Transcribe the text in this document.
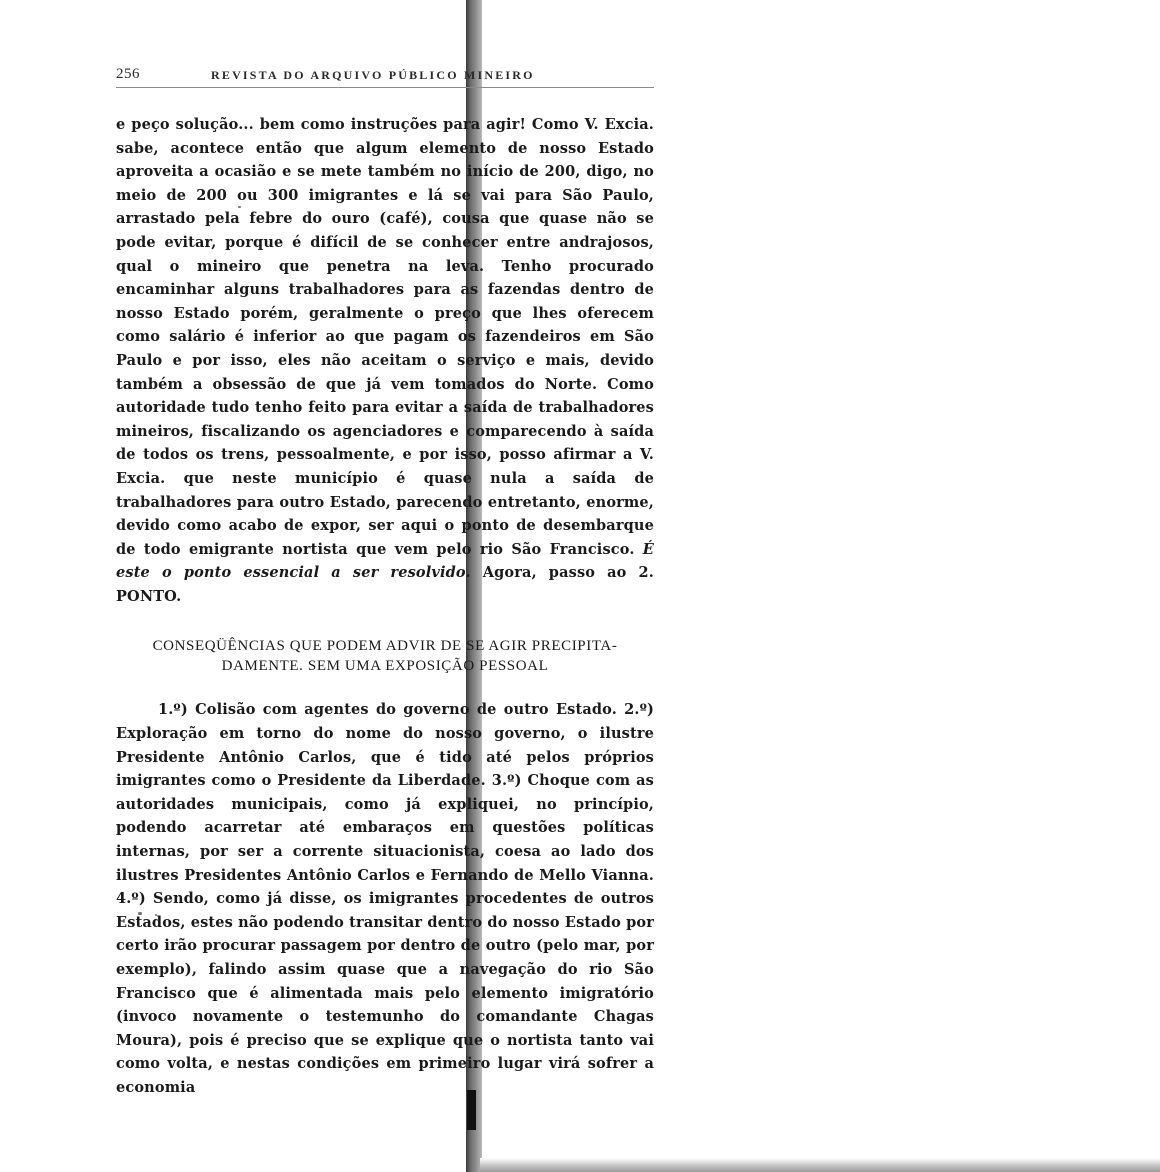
256	REVISTA DO ARQUIVO PÚBLICO MINEIRO

e peço solução... bem como instruções para agir! Como V. Excia. sabe, acontece então que algum elemento de nosso Estado aproveita a ocasião e se mete também no início de 200, digo, no meio de 200 ou 300 imigrantes e lá se vai para São Paulo, arrastado pela febre do ouro (café), cousa que quase não se pode evitar, porque é difícil de se conhecer entre andrajosos, qual o mineiro que penetra na leva. Tenho procurado encaminhar alguns trabalhadores para as fazendas dentro de nosso Estado porém, geralmente o preço que lhes oferecem como salário é inferior ao que pagam os fazendeiros em São Paulo e por isso, eles não aceitam o serviço e mais, devido também a obsessão de que já vem tomados do Norte. Como autoridade tudo tenho feito para evitar a saída de trabalhadores mineiros, fiscalizando os agenciadores e comparecendo à saída de todos os trens, pessoalmente, e por isso, posso afirmar a V. Excia. que neste município é quase nula a saída de trabalhadores para outro Estado, parecendo entretanto, enorme, devido como acabo de expor, ser aqui o ponto de desembarque de todo emigrante nortista que vem pelo rio São Francisco. É este o ponto essencial a ser resolvido. Agora, passo ao 2. PONTO.

CONSEQÜÊNCIAS QUE PODEM ADVIR DE SE AGIR PRECIPITA-
DAMENTE. SEM UMA EXPOSIÇÃO PESSOAL

1.º) Colisão com agentes do governo de outro Estado. 2.º) Exploração em torno do nome do nosso governo, o ilustre Presidente Antônio Carlos, que é tido até pelos próprios imigrantes como o Presidente da Liberdade. 3.º) Choque com as autoridades municipais, como já expliquei, no princípio, podendo acarretar até embaraços em questões políticas internas, por ser a corrente situacionista, coesa ao lado dos ilustres Presidentes Antônio Carlos e Fernando de Mello Vianna. 4.º) Sendo, como já disse, os imigrantes procedentes de outros Estados, estes não podendo transitar dentro do nosso Estado por certo irão procurar passagem por dentro de outro (pelo mar, por exemplo), falindo assim quase que a navegação do rio São Francisco que é alimentada mais pelo elemento imigratório (invoco novamente o testemunho do comandante Chagas Moura), pois é preciso que se explique que o nortista tanto vai como volta, e nestas condições em primeiro lugar virá sofrer a economia
